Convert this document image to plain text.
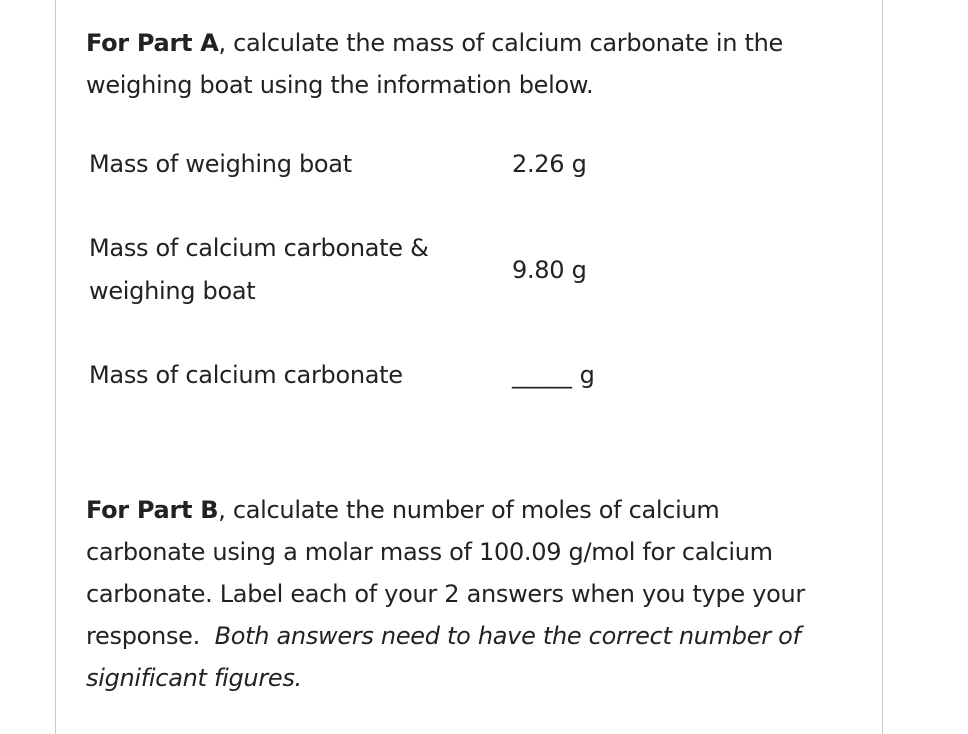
For Part A, calculate the mass of calcium carbonate in the
weighing boat using the information below.
Mass of weighing boat	2.26 g
Mass of calcium carbonate &
weighing boat
9.80 g
Mass of calcium carbonate	_____ g
For Part B, calculate the number of moles of calcium
carbonate using a molar mass of 100.09 g/mol for calcium
carbonate. Label each of your 2 answers when you type your
response.  Both answers need to have the correct number of
significant figures.
